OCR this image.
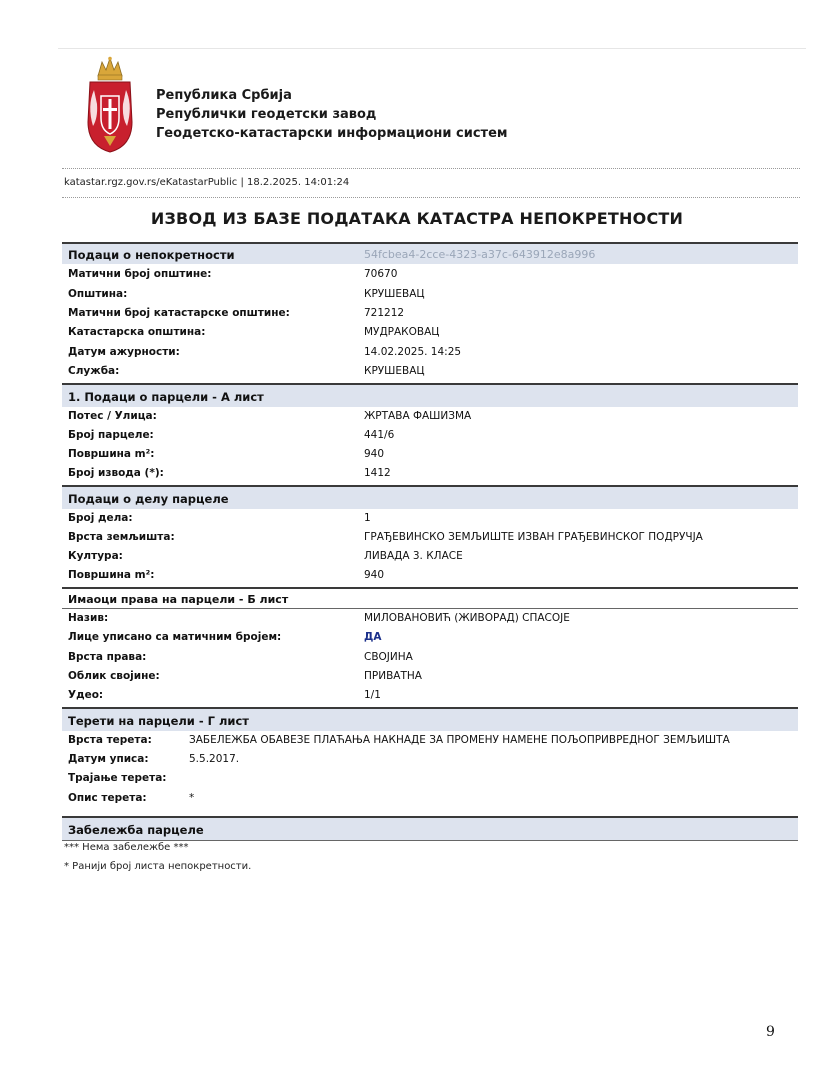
Република Србија
Републички геодетски завод
Геодетско-катастарски информациони систем
katastar.rgz.gov.rs/eKatastarPublic | 18.2.2025. 14:01:24
ИЗВОД ИЗ БАЗЕ ПОДАТАКА КАТАСТРА НЕПОКРЕТНОСТИ
Подаци о непокретности	54fcbea4-2cce-4323-a37c-643912e8a996
Матични број општине:	70670
Општина:	КРУШЕВАЦ
Матични број катастарске општине:	721212
Катастарска општина:	МУДРАКОВАЦ
Датум ажурности:	14.02.2025. 14:25
Служба:	КРУШЕВАЦ
1. Подаци о парцели - А лист
Потес / Улица:	ЖРТАВА ФАШИЗМА
Број парцеле:	441/6
Површина m²:	940
Број извода (*):	1412
Подаци о делу парцеле
Број дела:	1
Врста земљишта:	ГРАЂЕВИНСКО ЗЕМЉИШТЕ ИЗВАН ГРАЂЕВИНСКОГ ПОДРУЧЈА
Култура:	ЛИВАДА 3. КЛАСЕ
Површина m²:	940
Имаоци права на парцели - Б лист
Назив:	МИЛОВАНОВИЋ (ЖИВОРАД) СПАСОЈЕ
Лице уписано са матичним бројем:	ДА
Врста права:	СВОЈИНА
Облик својине:	ПРИВАТНА
Удео:	1/1
Терети на парцели - Г лист
Врста терета:	ЗАБЕЛЕЖБА ОБАВЕЗЕ ПЛАЋАЊА НАКНАДЕ ЗА ПРОМЕНУ НАМЕНЕ ПОЉОПРИВРЕДНОГ ЗЕМЉИШТА
Датум уписа:	5.5.2017.
Трајање терета:
Опис терета:	*
Забележба парцеле
*** Нема забележбе ***
* Ранији број листа непокретности.
9
